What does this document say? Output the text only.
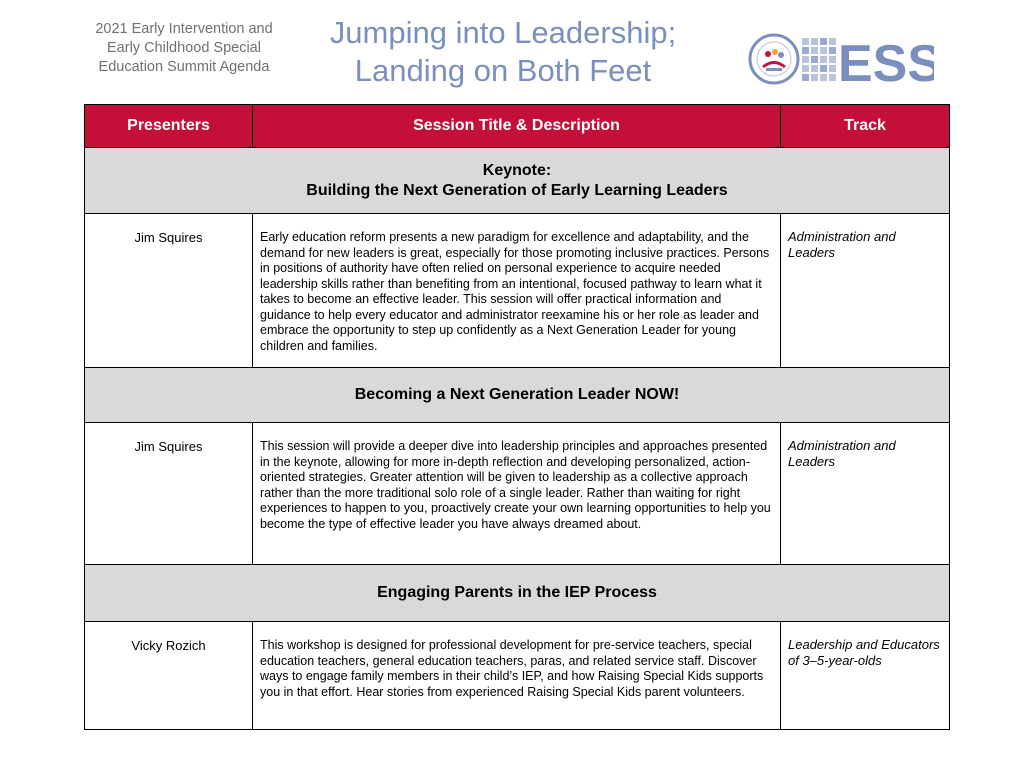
2021 Early Intervention and
Early Childhood Special
Education Summit Agenda
Jumping into Leadership;
Landing on Both Feet	ESS
Presenters	Session Title & Description	Track

Keynote:
Building the Next Generation of Early Learning Leaders		

Jim Squires	Early education reform presents a new paradigm for excellence and adaptability, and the demand for new leaders is great, especially for those promoting inclusive practices. Persons in positions of authority have often relied on personal experience to acquire needed leadership skills rather than benefiting from an intentional, focused pathway to learn what it takes to become an effective leader. This session will offer practical information and guidance to help every educator and administrator reexamine his or her role as leader and embrace the opportunity to step up confidently as a Next Generation Leader for young children and families.	Administration and Leaders

Becoming a Next Generation Leader NOW!		

Jim Squires	This session will provide a deeper dive into leadership principles and approaches presented in the keynote, allowing for more in-depth reflection and developing personalized, action-oriented strategies. Greater attention will be given to leadership as a collective approach rather than the more traditional solo role of a single leader. Rather than waiting for right experiences to happen to you, proactively create your own learning opportunities to help you become the type of effective leader you have always dreamed about.	Administration and Leaders

Engaging Parents in the IEP Process		

Vicky Rozich	This workshop is designed for professional development for pre-service teachers, special education teachers, general education teachers, paras, and related service staff. Discover ways to engage family members in their child’s IEP, and how Raising Special Kids supports you in that effort. Hear stories from experienced Raising Special Kids parent volunteers.	Leadership and Educators of 3–5-year-olds
